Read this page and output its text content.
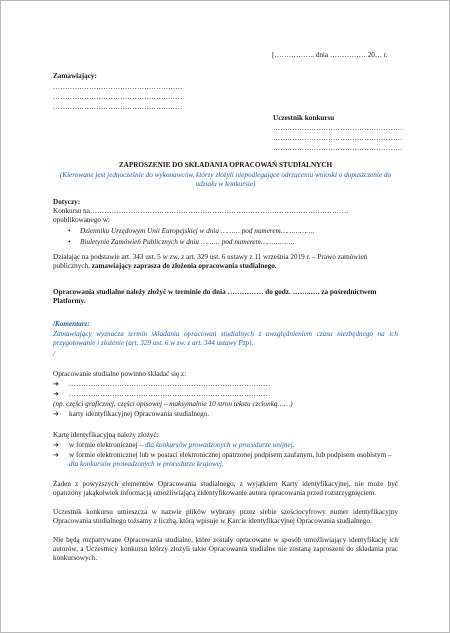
[…………….. dnia …………… 20… r.
Zamawiający:
………………………………………………
………………………………………………
………………………………………………
Uczestnik konkursu
………………………………………………
………………………………………………
………………………………………………
ZAPROSZENIE DO SKŁADANIA OPRACOWAŃ STUDIALNYCH
(Kierowane jest jednocześnie do wykonawców, którzy złożyli niepodlegające odrzuceniu wnioski o dopuszczenie do udziału w konkursie)
Dotyczy:
Konkursu na……………………………………………………………………………………………… opublikowanego w:
• Dzienniku Urzędowym Unii Europejskiej w dniu ……… pod numerem…………….
• Biuletynie Zamówień Publicznych w dniu ……… pod numerem…………….
Działając na podstawie art. 343 ust. 5 w zw. z art. 329 ust. 6 ustawy z 11 września 2019 r. – Prawo zamówień publicznych, zamawiający zaprasza do złożenia opracowania studialnego.
Opracowania studialne należy złożyć w terminie do dnia …………… do godz. ……..…. za pośrednictwem Platformy.
/Komentarz:
Zamawiający wyznacza termin składania opracowań studialnych z uwzględnieniem czasu niezbędnego na ich przygotowanie i złożenie (art. 329 ust. 6 w zw. z art. 344 ustawy Pzp).
/
Opracowanie studialne powinno składać się z:
➔ …………………………………………………………………………
➔ …………………………………………………………………………
(np. części graficznej, części opisowej – maksymalnie 10 stron tekstu czcionką……)
➔ karty identyfikacyjnej Opracowania studialnego.
Kartę identyfikacyjną należy złożyć:
➔ w formie elektronicznej – dla konkursów prowadzonych w procedurze unijnej,
➔ w formie elektronicznej lub w postaci elektronicznej opatrzonej podpisem zaufanym, lub podpisem osobistym – dla konkursów prowadzonych w procedurze krajowej.
Żaden z powyższych elementów Opracowania studialnego, z wyjątkiem Karty identyfikacyjnej, nie może być opatrzony jakąkolwiek informacją umożliwiającą zidentyfikowanie autora opracowania przed rozstrzygnięciem.
Uczestnik konkursu umieszcza w nazwie plików wybrany przez siebie sześciocyfrowy numer identyfikacyjny Opracowania studialnego tożsamy z liczbą, którą wpisuje w Karcie identyfikacyjnej Opracowania studialnego.
Nie będą rozpatrywane Opracowania studialne, które zostały opracowane w sposób umożliwiający identyfikację ich autorów, a Uczestnicy konkursu którzy złożyli takie Opracowania studialne nie zostaną zaproszeni do składania prac konkursowych.
